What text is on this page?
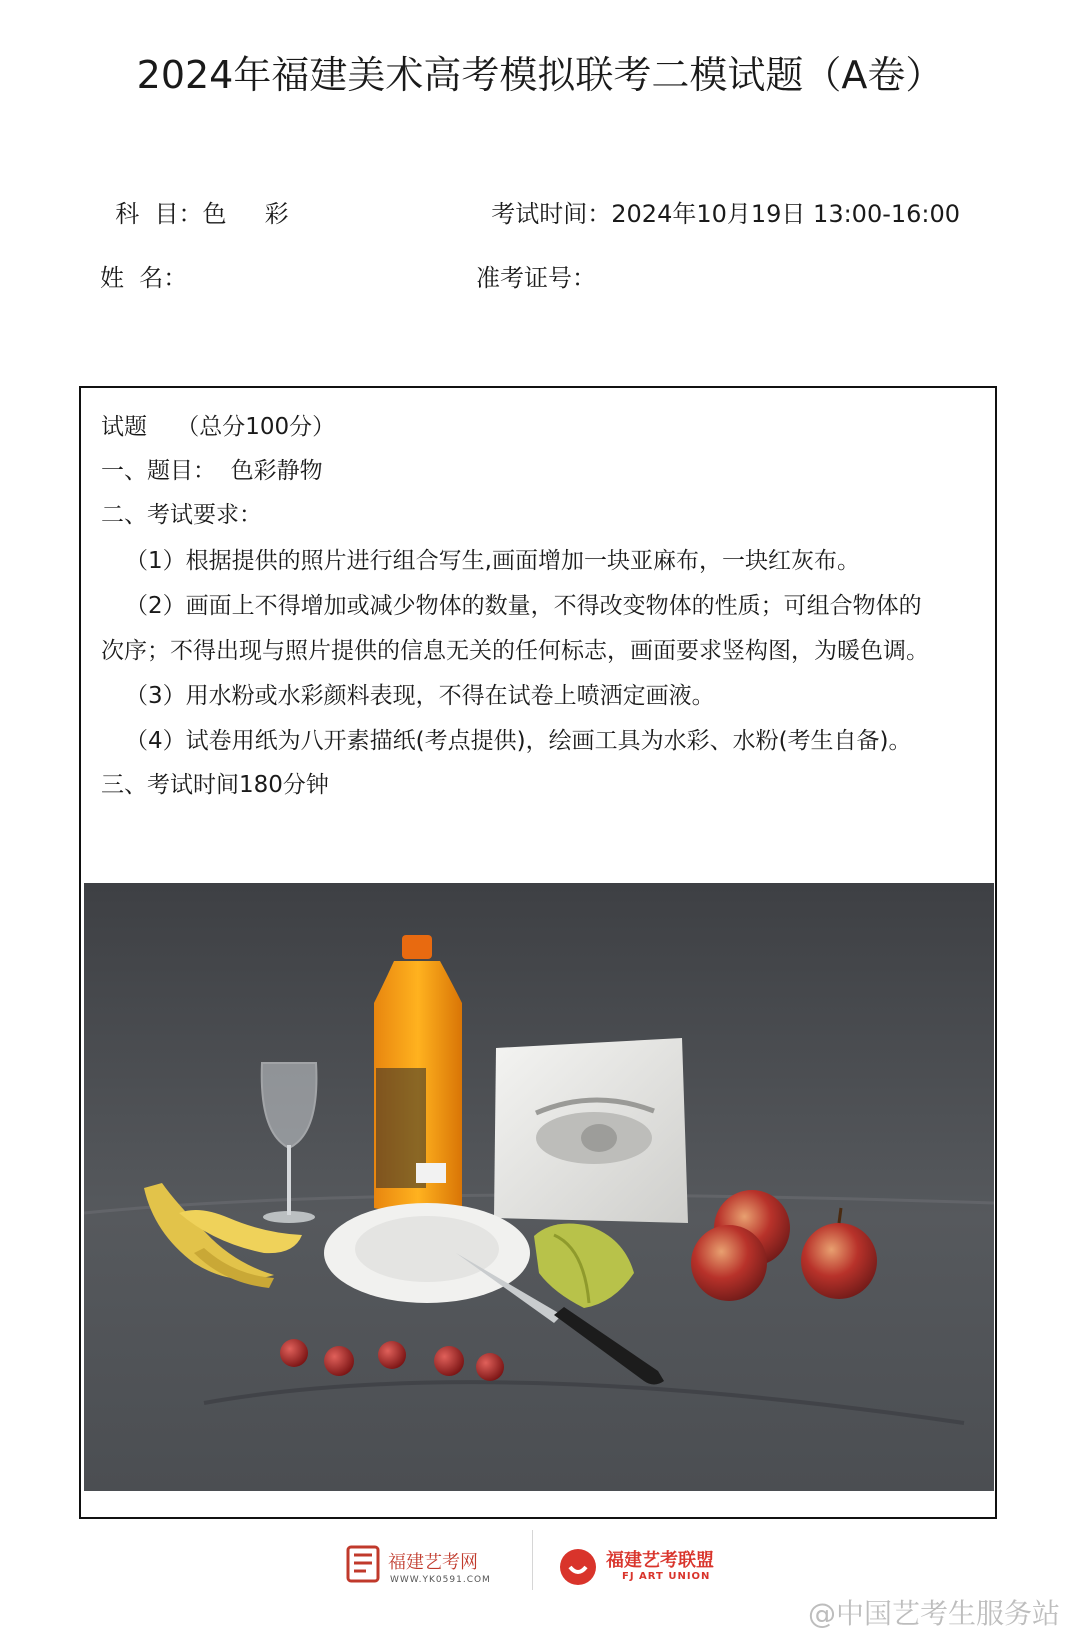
2024年福建美术高考模拟联考二模试题（A卷）

科  目：色     彩	考试时间：2024年10月19日 13:00-16:00

姓  名：	准考证号：
试题    （总分100分）
一、题目：  色彩静物
二、考试要求：
（1）根据提供的照片进行组合写生,画面增加一块亚麻布，一块红灰布。
（2）画面上不得增加或减少物体的数量，不得改变物体的性质；可组合物体的
次序；不得出现与照片提供的信息无关的任何标志，画面要求竖构图，为暖色调。
（3）用水粉或水彩颜料表现，不得在试卷上喷洒定画液。
（4）试卷用纸为八开素描纸(考点提供)，绘画工具为水彩、水粉(考生自备)。
三、考试时间180分钟
福建艺考网
WWW.YK0591.COM
福建艺考联盟
FJ ART UNION
@中国艺考生服务站
